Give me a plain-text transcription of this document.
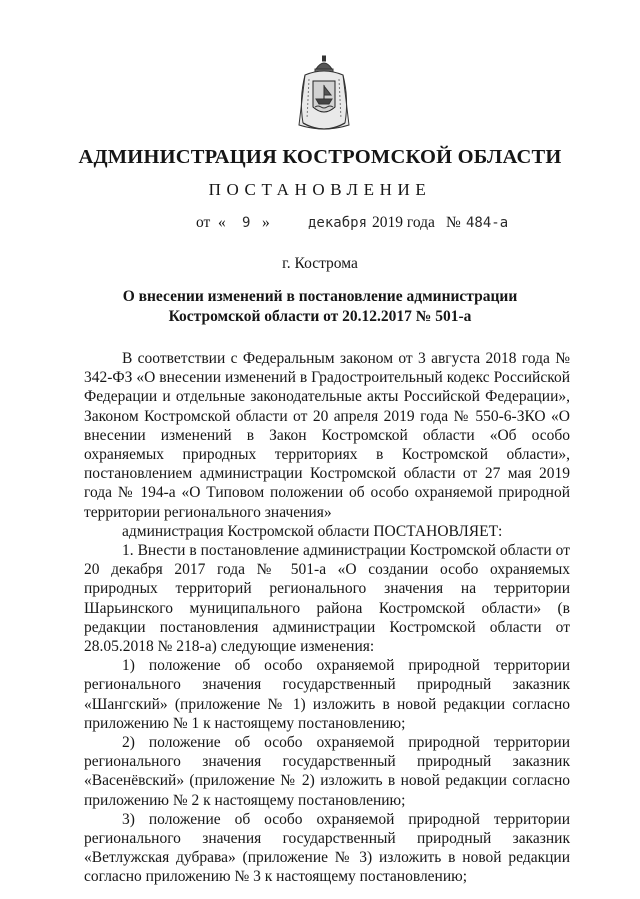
АДМИНИСТРАЦИЯ КОСТРОМСКОЙ ОБЛАСТИ
ПОСТАНОВЛЕНИЕ
от « 9 »	декабря 2019 года № 484-а
г. Кострома
О внесении изменений в постановление администрации
Костромской области от 20.12.2017 № 501-а

В соответствии с Федеральным законом от 3 августа 2018 года № 342-ФЗ «О внесении изменений в Градостроительный кодекс Российской Федерации и отдельные законодательные акты Российской Федерации», Законом Костромской области от 20 апреля 2019 года № 550-6-ЗКО «О внесении изменений в Закон Костромской области «Об особо охраняемых природных территориях в Костромской области», постановлением администрации Костромской области от 27 мая 2019 года № 194-а «О Типовом положении об особо охраняемой природной территории регионального значения»

администрация Костромской области ПОСТАНОВЛЯЕТ:

1. Внести в постановление администрации Костромской области от 20 декабря 2017 года № 501-а «О создании особо охраняемых природных территорий регионального значения на территории Шарьинского муниципального района Костромской области» (в редакции постановления администрации Костромской области от 28.05.2018 № 218-а) следующие изменения:

1) положение об особо охраняемой природной территории регионального значения государственный природный заказник «Шангский» (приложение № 1) изложить в новой редакции согласно приложению № 1 к настоящему постановлению;

2) положение об особо охраняемой природной территории регионального значения государственный природный заказник «Васенёвский» (приложение № 2) изложить в новой редакции согласно приложению № 2 к настоящему постановлению;

3) положение об особо охраняемой природной территории регионального значения государственный природный заказник «Ветлужская дубрава» (приложение № 3) изложить в новой редакции согласно приложению № 3 к настоящему постановлению;
